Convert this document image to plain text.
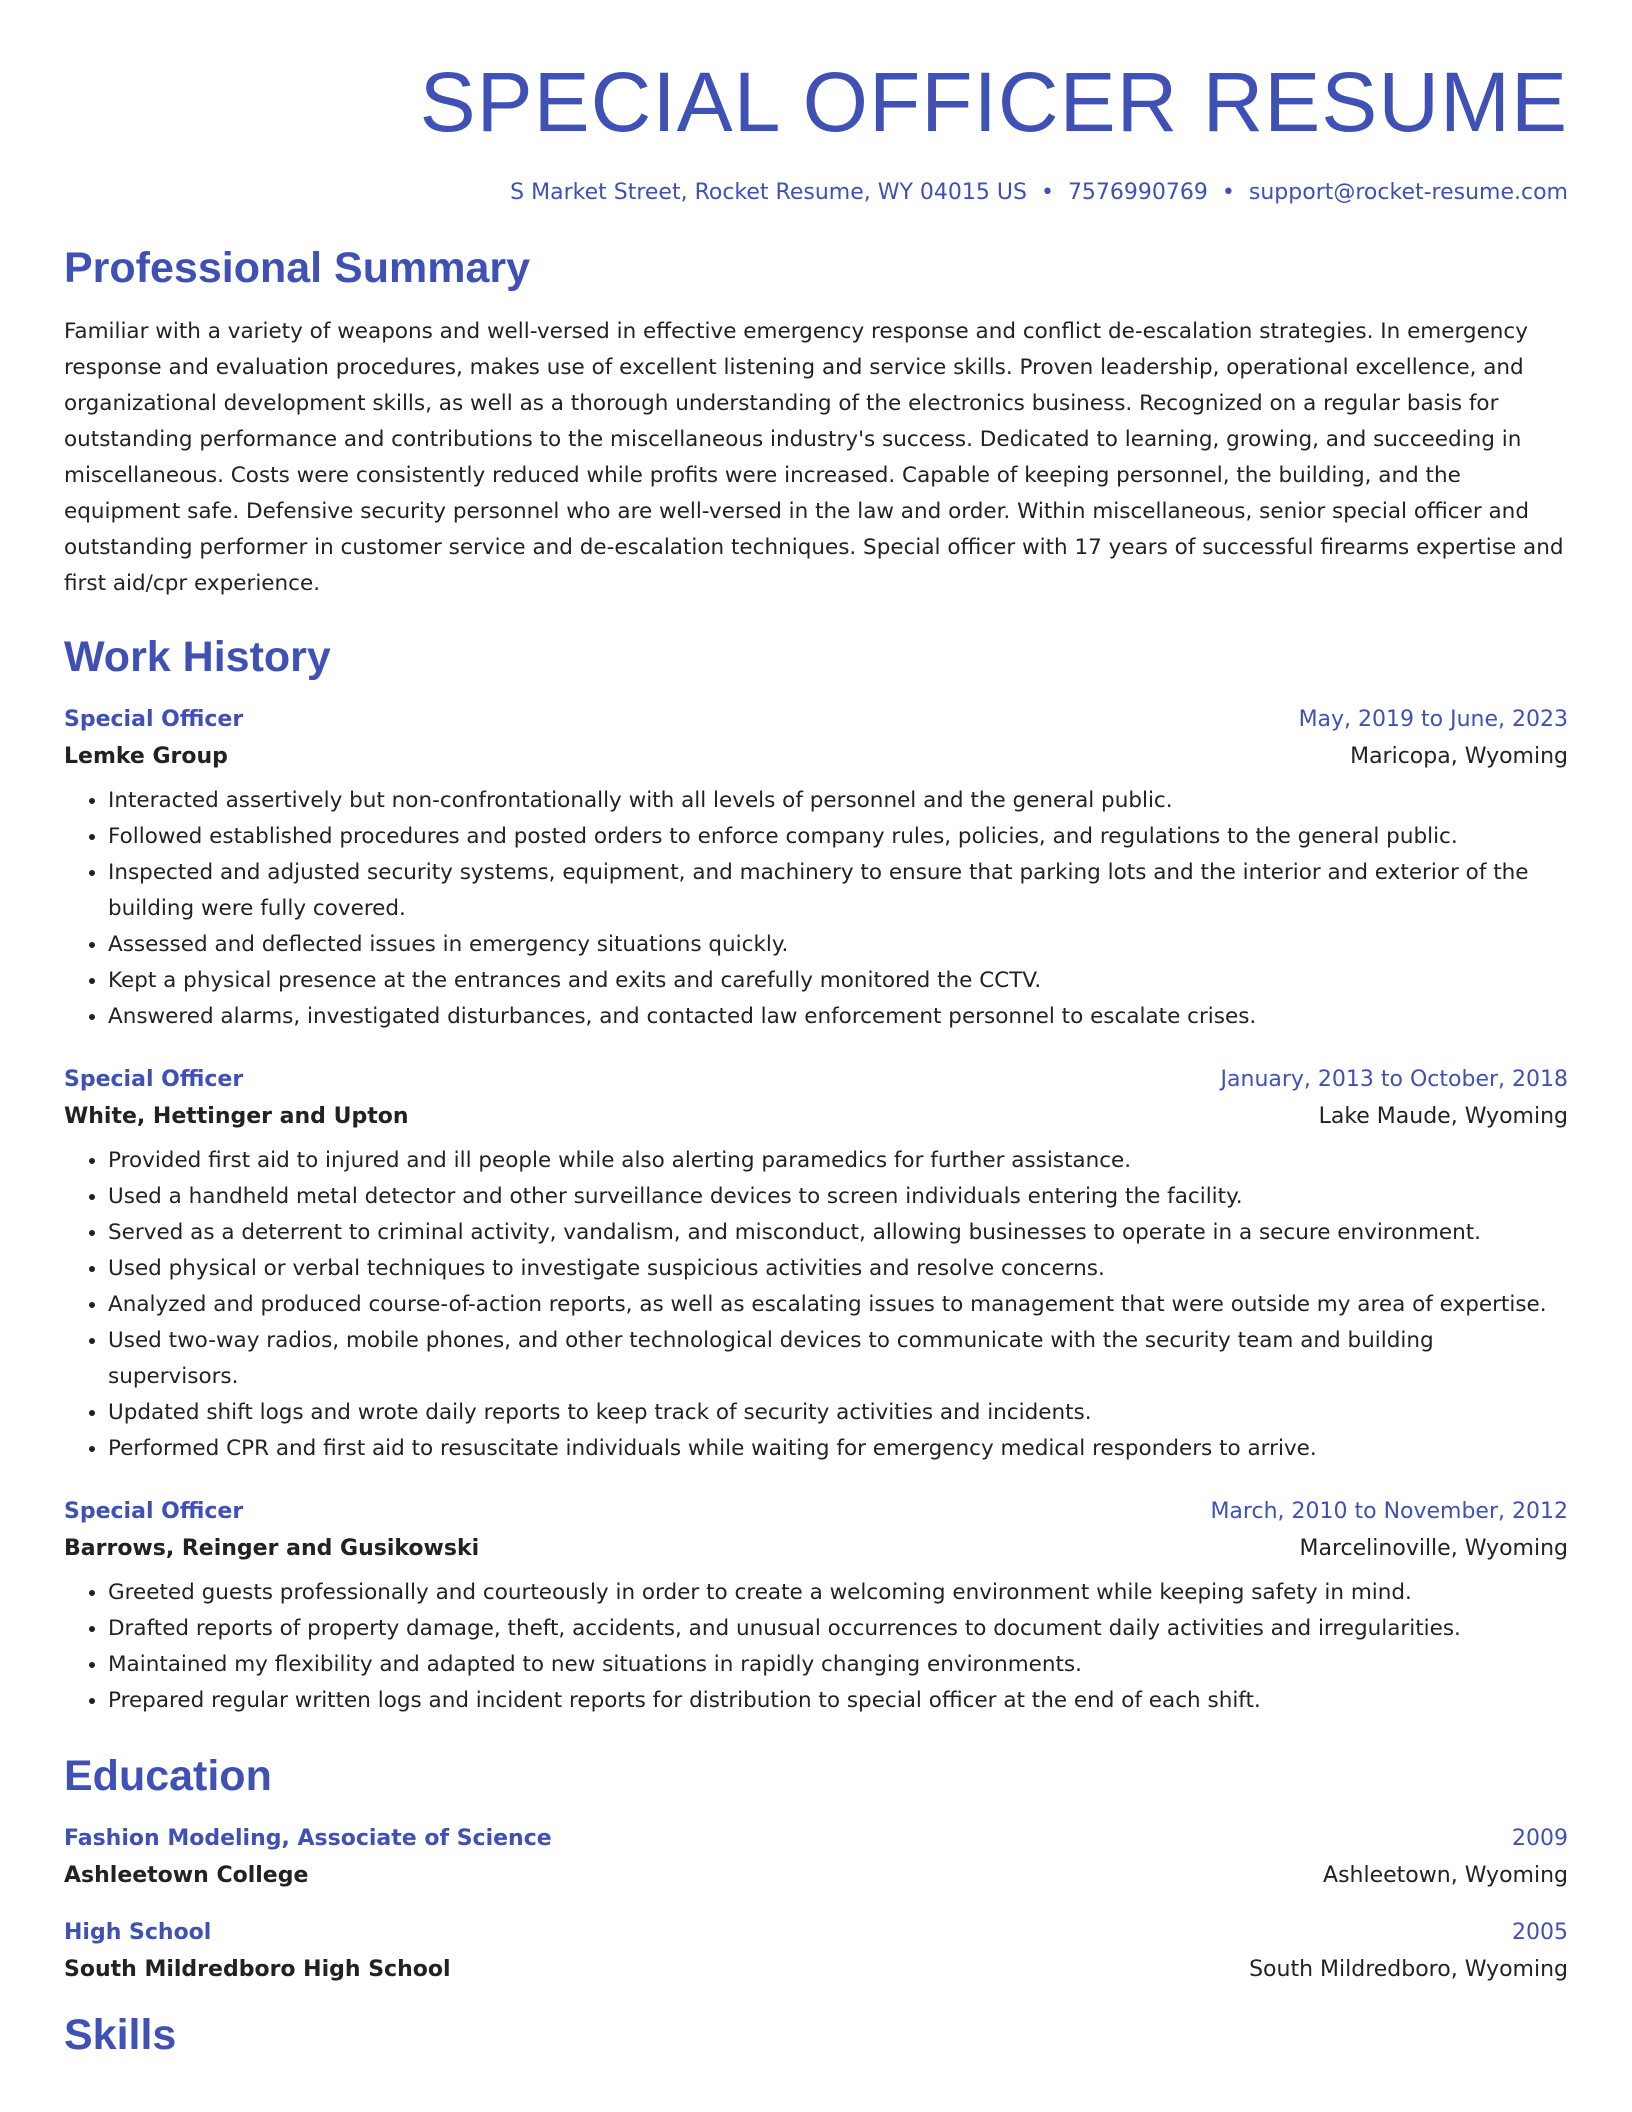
SPECIAL OFFICER RESUME
S Market Street, Rocket Resume, WY 04015 US • 7576990769 • support@rocket-resume.com
Professional Summary
Familiar with a variety of weapons and well-versed in effective emergency response and conflict de-escalation strategies. In emergency response and evaluation procedures, makes use of excellent listening and service skills. Proven leadership, operational excellence, and organizational development skills, as well as a thorough understanding of the electronics business. Recognized on a regular basis for outstanding performance and contributions to the miscellaneous industry's success. Dedicated to learning, growing, and succeeding in miscellaneous. Costs were consistently reduced while profits were increased. Capable of keeping personnel, the building, and the equipment safe. Defensive security personnel who are well-versed in the law and order. Within miscellaneous, senior special officer and outstanding performer in customer service and de-escalation techniques. Special officer with 17 years of successful firearms expertise and first aid/cpr experience.
Work History
Special Officer	May, 2019 to June, 2023
Lemke Group	Maricopa, Wyoming
• Interacted assertively but non-confrontationally with all levels of personnel and the general public.
• Followed established procedures and posted orders to enforce company rules, policies, and regulations to the general public.
• Inspected and adjusted security systems, equipment, and machinery to ensure that parking lots and the interior and exterior of the building were fully covered.
• Assessed and deflected issues in emergency situations quickly.
• Kept a physical presence at the entrances and exits and carefully monitored the CCTV.
• Answered alarms, investigated disturbances, and contacted law enforcement personnel to escalate crises.
Special Officer	January, 2013 to October, 2018
White, Hettinger and Upton	Lake Maude, Wyoming
• Provided first aid to injured and ill people while also alerting paramedics for further assistance.
• Used a handheld metal detector and other surveillance devices to screen individuals entering the facility.
• Served as a deterrent to criminal activity, vandalism, and misconduct, allowing businesses to operate in a secure environment.
• Used physical or verbal techniques to investigate suspicious activities and resolve concerns.
• Analyzed and produced course-of-action reports, as well as escalating issues to management that were outside my area of expertise.
• Used two-way radios, mobile phones, and other technological devices to communicate with the security team and building supervisors.
• Updated shift logs and wrote daily reports to keep track of security activities and incidents.
• Performed CPR and first aid to resuscitate individuals while waiting for emergency medical responders to arrive.
Special Officer	March, 2010 to November, 2012
Barrows, Reinger and Gusikowski	Marcelinoville, Wyoming
• Greeted guests professionally and courteously in order to create a welcoming environment while keeping safety in mind.
• Drafted reports of property damage, theft, accidents, and unusual occurrences to document daily activities and irregularities.
• Maintained my flexibility and adapted to new situations in rapidly changing environments.
• Prepared regular written logs and incident reports for distribution to special officer at the end of each shift.
Education
Fashion Modeling, Associate of Science	2009
Ashleetown College	Ashleetown, Wyoming
High School	2005
South Mildredboro High School	South Mildredboro, Wyoming
Skills
